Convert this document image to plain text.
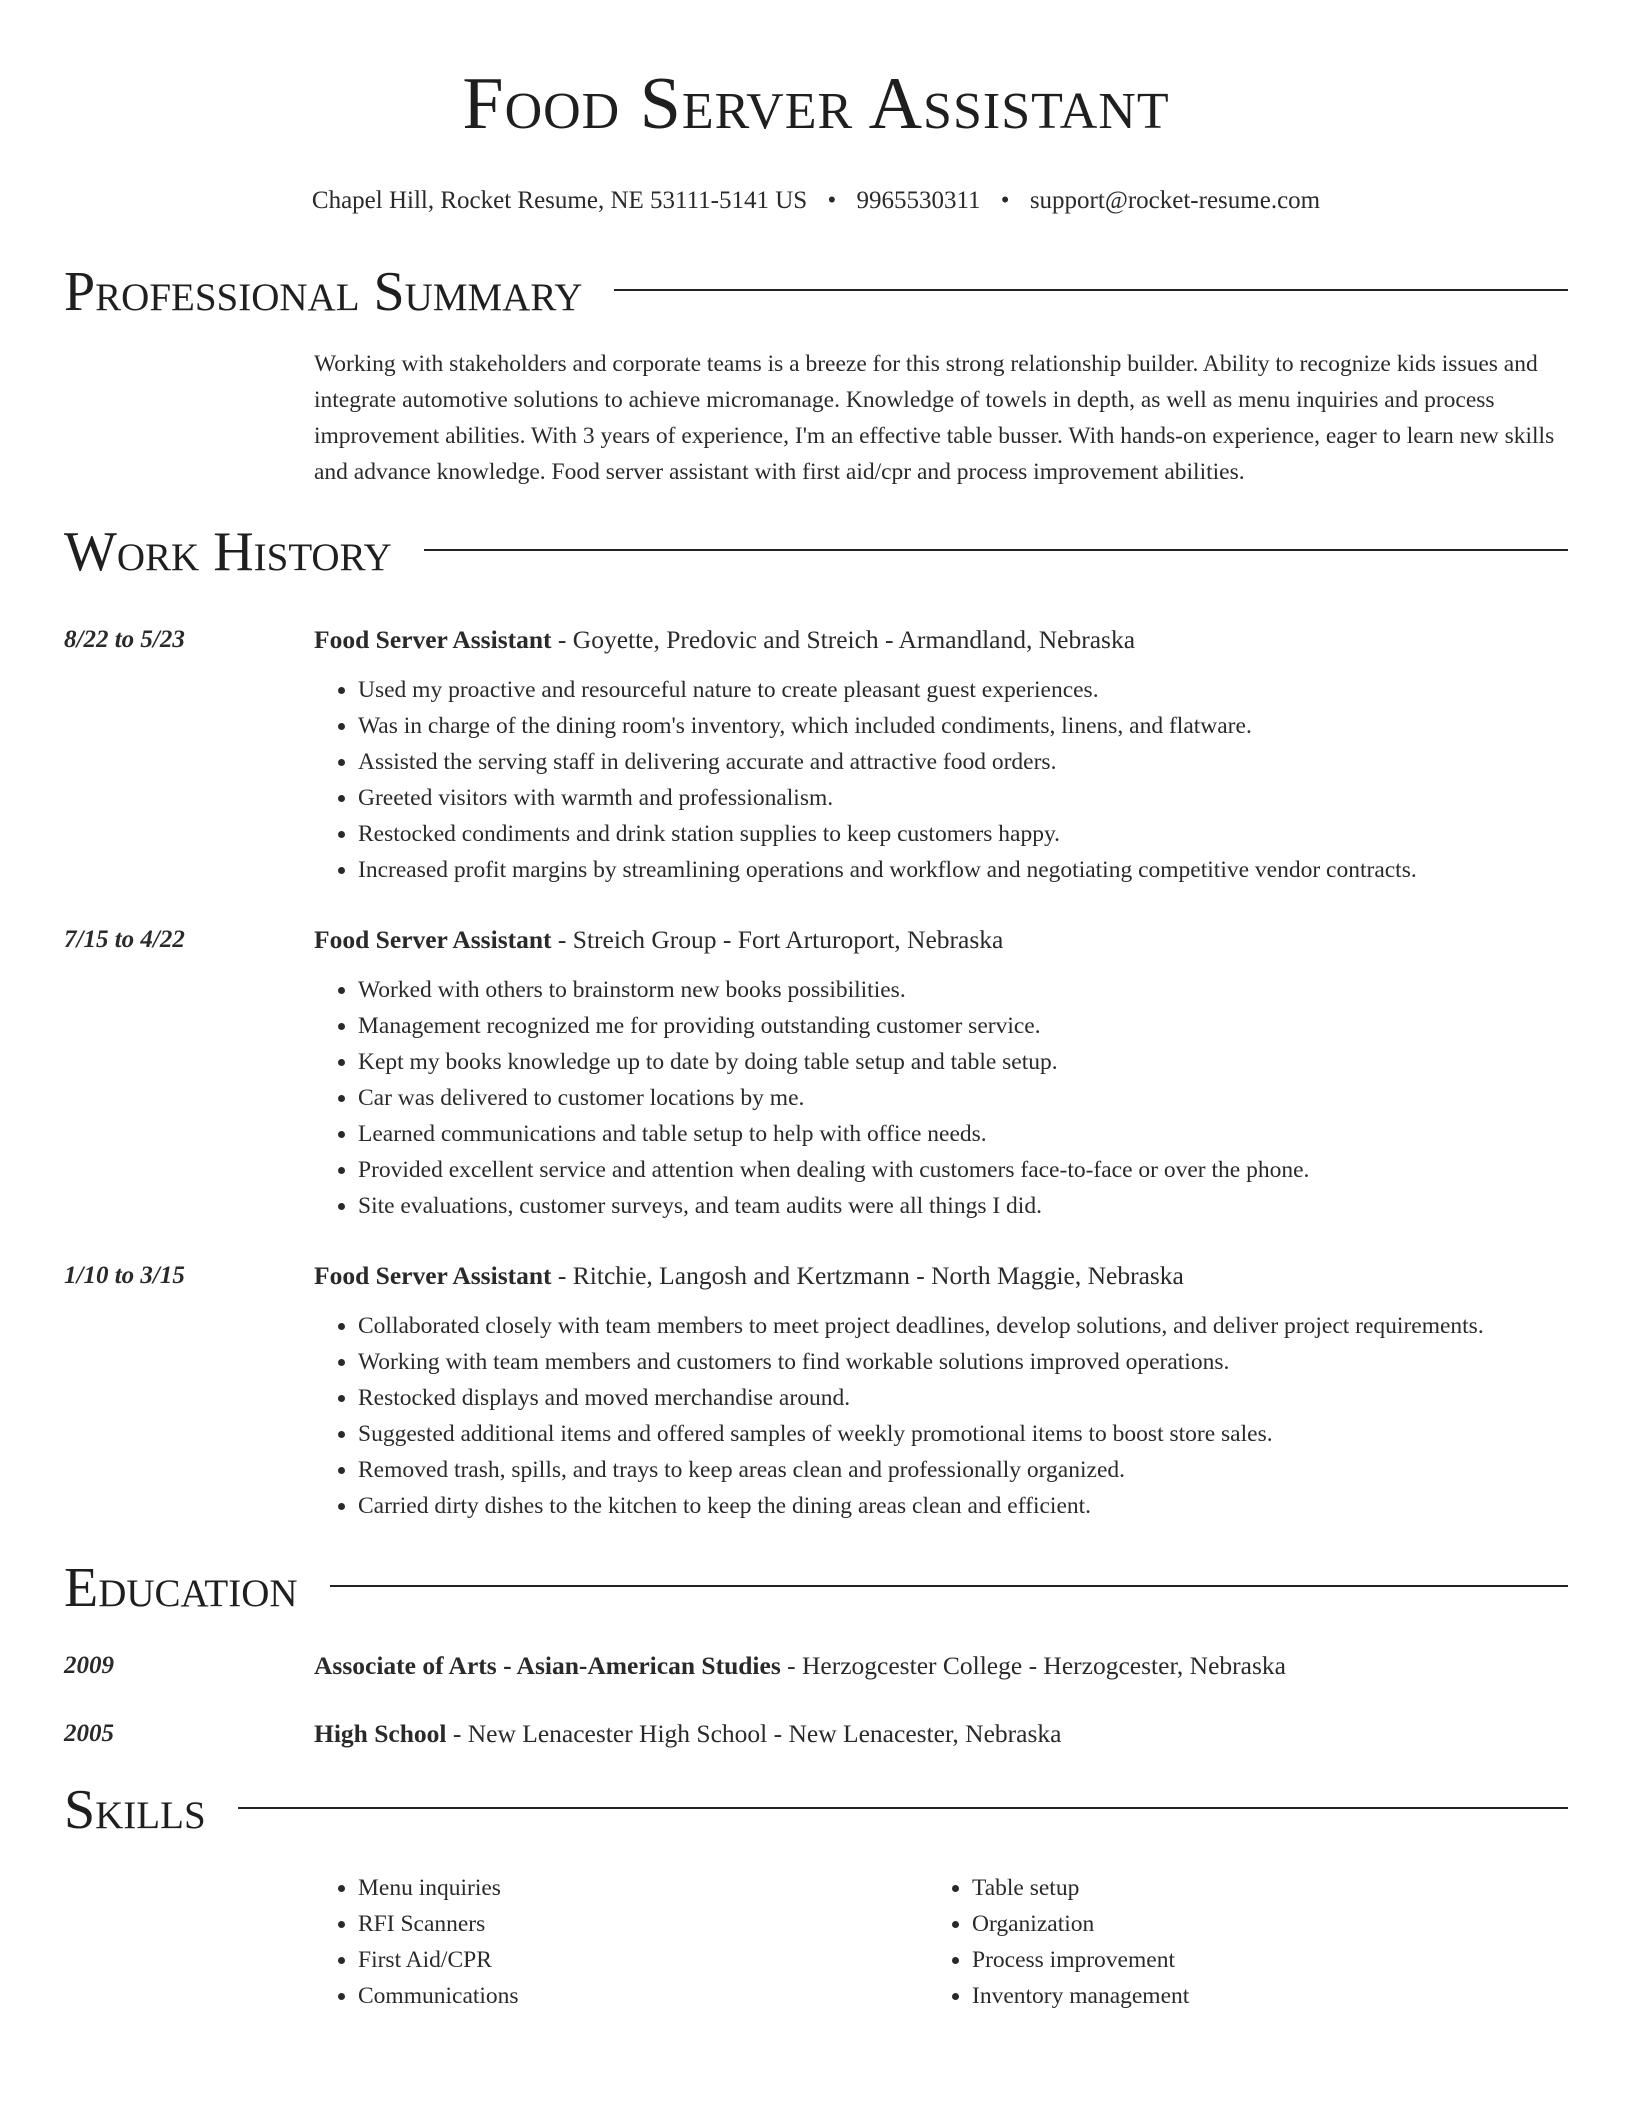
Food Server Assistant
Chapel Hill, Rocket Resume, NE 53111-5141 US • 9965530311 • support@rocket-resume.com
Professional Summary
Working with stakeholders and corporate teams is a breeze for this strong relationship builder. Ability to recognize kids issues and integrate automotive solutions to achieve micromanage. Knowledge of towels in depth, as well as menu inquiries and process improvement abilities. With 3 years of experience, I'm an effective table busser. With hands-on experience, eager to learn new skills and advance knowledge. Food server assistant with first aid/cpr and process improvement abilities.
Work History
8/22 to 5/23	Food Server Assistant - Goyette, Predovic and Streich - Armandland, Nebraska
• Used my proactive and resourceful nature to create pleasant guest experiences.
• Was in charge of the dining room's inventory, which included condiments, linens, and flatware.
• Assisted the serving staff in delivering accurate and attractive food orders.
• Greeted visitors with warmth and professionalism.
• Restocked condiments and drink station supplies to keep customers happy.
• Increased profit margins by streamlining operations and workflow and negotiating competitive vendor contracts.
7/15 to 4/22	Food Server Assistant - Streich Group - Fort Arturoport, Nebraska
• Worked with others to brainstorm new books possibilities.
• Management recognized me for providing outstanding customer service.
• Kept my books knowledge up to date by doing table setup and table setup.
• Car was delivered to customer locations by me.
• Learned communications and table setup to help with office needs.
• Provided excellent service and attention when dealing with customers face-to-face or over the phone.
• Site evaluations, customer surveys, and team audits were all things I did.
1/10 to 3/15	Food Server Assistant - Ritchie, Langosh and Kertzmann - North Maggie, Nebraska
• Collaborated closely with team members to meet project deadlines, develop solutions, and deliver project requirements.
• Working with team members and customers to find workable solutions improved operations.
• Restocked displays and moved merchandise around.
• Suggested additional items and offered samples of weekly promotional items to boost store sales.
• Removed trash, spills, and trays to keep areas clean and professionally organized.
• Carried dirty dishes to the kitchen to keep the dining areas clean and efficient.
Education
2009	Associate of Arts - Asian-American Studies - Herzogcester College - Herzogcester, Nebraska
2005	High School - New Lenacester High School - New Lenacester, Nebraska
Skills
• Menu inquiries
• RFI Scanners
• First Aid/CPR
• Communications
• Table setup
• Organization
• Process improvement
• Inventory management
